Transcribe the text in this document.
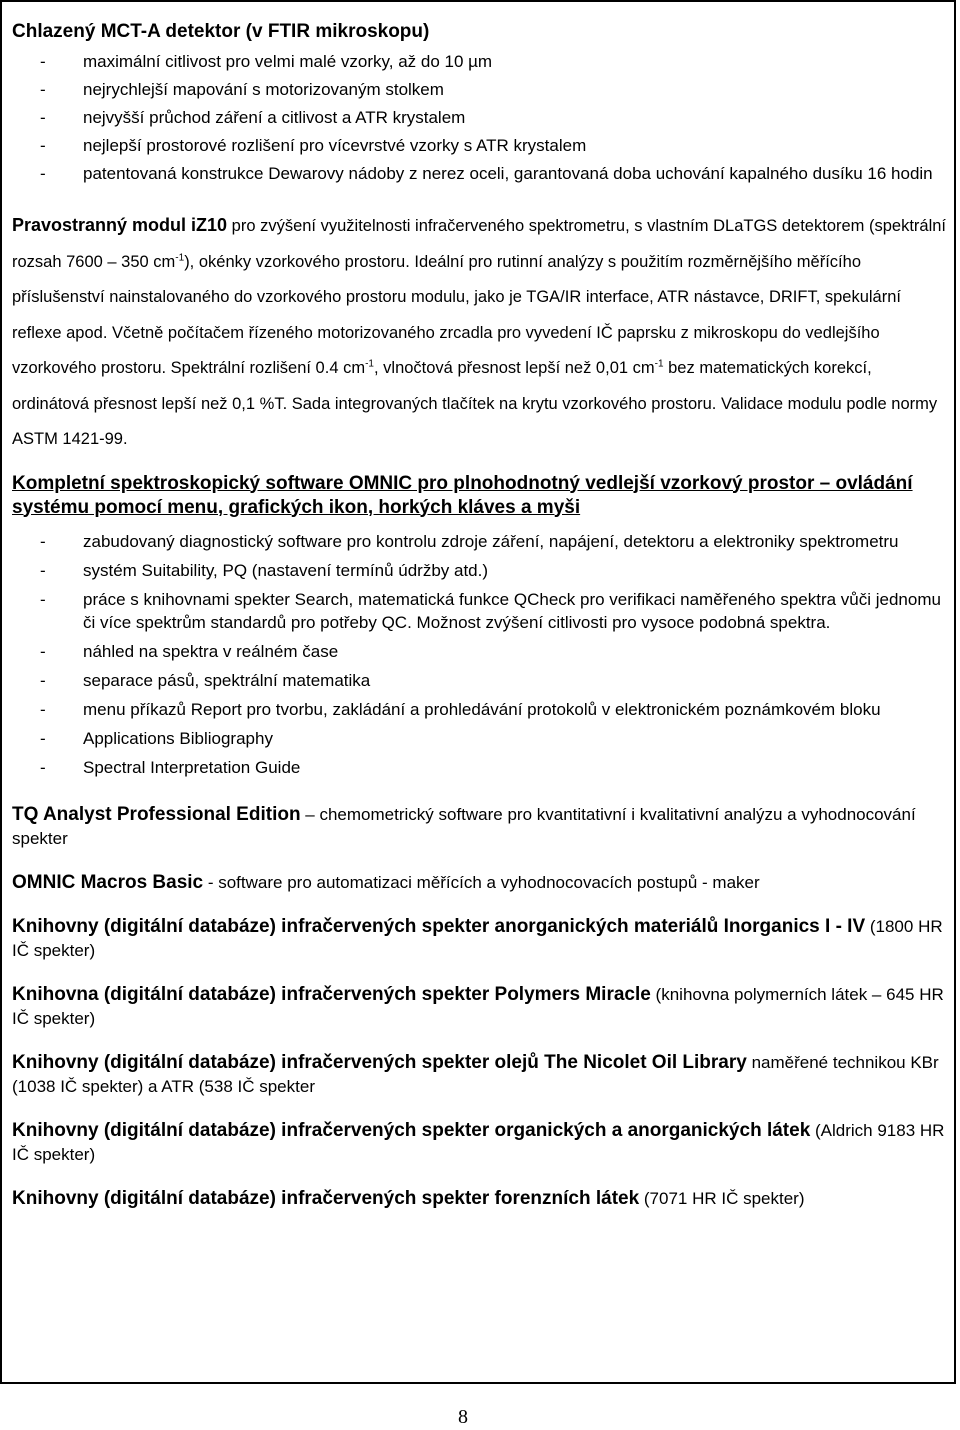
Chlazený MCT-A detektor (v FTIR mikroskopu)
- maximální citlivost pro velmi malé vzorky, až do 10 µm
- nejrychlejší mapování s motorizovaným stolkem
- nejvyšší průchod záření a citlivost a ATR krystalem
- nejlepší prostorové rozlišení pro vícevrstvé vzorky s ATR krystalem
- patentovaná konstrukce Dewarovy nádoby z nerez oceli, garantovaná doba uchování kapalného dusíku 16 hodin
Pravostranný modul iZ10 pro zvýšení využitelnosti infračerveného spektrometru, s vlastním DLaTGS detektorem (spektrální rozsah 7600 – 350 $cm^{-1}$), okénky vzorkového prostoru. Ideální pro rutinní analýzy s použitím rozměrnějšího měřícího příslušenství nainstalovaného do vzorkového prostoru modulu, jako je TGA/IR interface, ATR nástavce, DRIFT, spekulární reflexe apod. Včetně počítačem řízeného motorizovaného zrcadla pro vyvedení IČ paprsku z mikroskopu do vedlejšího vzorkového prostoru. Spektrální rozlišení 0.4 $cm^{-1}$, vlnočtová přesnost lepší než 0,01 $cm^{-1}$ bez matematických korekcí, ordinátová přesnost lepší než 0,1 %T. Sada integrovaných tlačítek na krytu vzorkového prostoru. Validace modulu podle normy ASTM 1421-99.
Kompletní spektroskopický software OMNIC pro plnohodnotný vedlejší vzorkový prostor – ovládání systému pomocí menu, grafických ikon, horkých kláves a myši
- zabudovaný diagnostický software pro kontrolu zdroje záření, napájení, detektoru a elektroniky spektrometru
- systém Suitability, PQ (nastavení termínů údržby atd.)
- práce s knihovnami spekter Search, matematická funkce QCheck pro verifikaci naměřeného spektra vůči jednomu či více spektrům standardů pro potřeby QC. Možnost zvýšení citlivosti pro vysoce podobná spektra.
- náhled na spektra v reálném čase
- separace pásů, spektrální matematika
- menu příkazů Report pro tvorbu, zakládání a prohledávání protokolů v elektronickém poznámkovém bloku
- Applications Bibliography
- Spectral Interpretation Guide
TQ Analyst Professional Edition – chemometrický software pro kvantitativní i kvalitativní analýzu a vyhodnocování spekter
OMNIC Macros Basic - software pro automatizaci měřících a vyhodnocovacích postupů - maker
Knihovny (digitální databáze) infračervených spekter anorganických materiálů Inorganics I - IV (1800 HR IČ spekter)
Knihovna (digitální databáze) infračervených spekter Polymers Miracle (knihovna polymerních látek – 645 HR IČ spekter)
Knihovny (digitální databáze) infračervených spekter olejů The Nicolet Oil Library naměřené technikou KBr (1038 IČ spekter) a ATR (538 IČ spekter
Knihovny (digitální databáze) infračervených spekter organických a anorganických látek (Aldrich 9183 HR IČ spekter)
Knihovny (digitální databáze) infračervených spekter forenzních látek (7071 HR IČ spekter)
8
